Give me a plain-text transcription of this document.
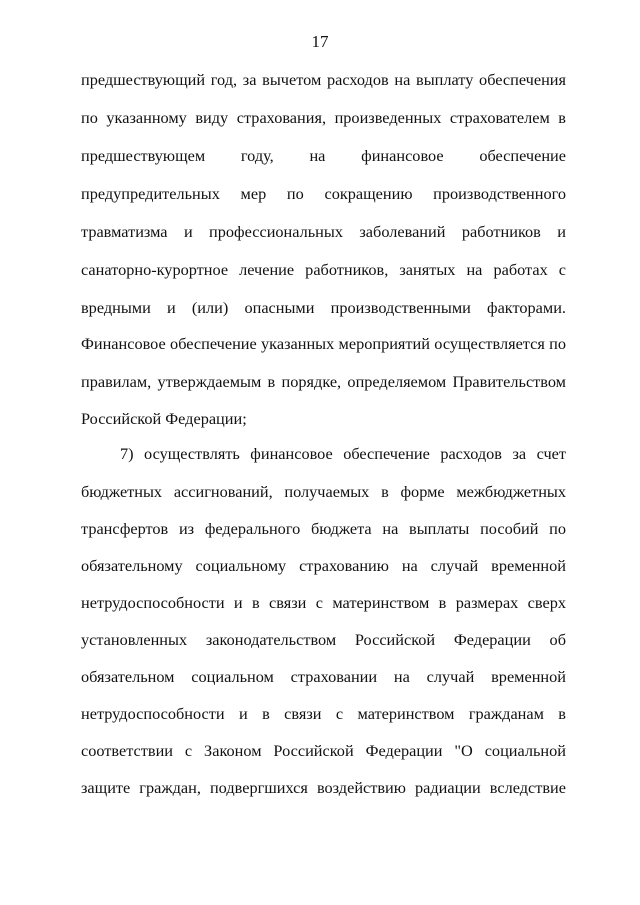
17
предшествующий год, за вычетом расходов на выплату обеспечения
по указанному виду страхования, произведенных страхователем в
предшествующем году, на финансовое обеспечение
предупредительных мер по сокращению производственного
травматизма и профессиональных заболеваний работников и
санаторно-курортное лечение работников, занятых на работах с
вредными и (или) опасными производственными факторами.
Финансовое обеспечение указанных мероприятий осуществляется по
правилам, утверждаемым в порядке, определяемом Правительством
Российской Федерации;
7) осуществлять финансовое обеспечение расходов за счет
бюджетных ассигнований, получаемых в форме межбюджетных
трансфертов из федерального бюджета на выплаты пособий по
обязательному социальному страхованию на случай временной
нетрудоспособности и в связи с материнством в размерах сверх
установленных законодательством Российской Федерации об
обязательном социальном страховании на случай временной
нетрудоспособности и в связи с материнством гражданам в
соответствии с Законом Российской Федерации "О социальной
защите граждан, подвергшихся воздействию радиации вследствие
